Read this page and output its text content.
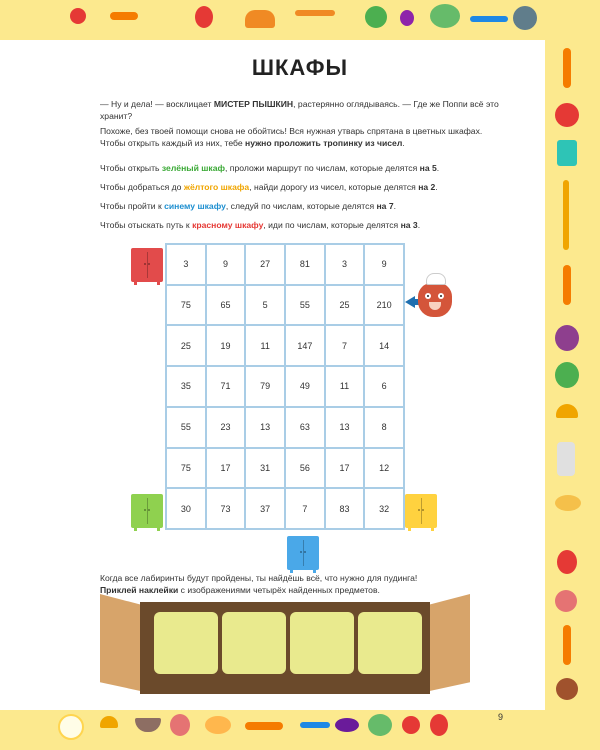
ШКАФЫ

— Ну и дела! — восклицает МИСТЕР ПЫШКИН, растерянно оглядываясь. — Где же Поппи всё это хранит?

Похоже, без твоей помощи снова не обойтись! Вся нужная утварь спрятана в цветных шкафах. Чтобы открыть каждый из них, тебе нужно проложить тропинку из чисел.

Чтобы открыть зелёный шкаф, проложи маршрут по числам, которые делятся на 5.

Чтобы добраться до жёлтого шкафа, найди дорогу из чисел, которые делятся на 2.

Чтобы пройти к синему шкафу, следуй по числам, которые делятся на 7.

Чтобы отыскать путь к красному шкафу, иди по числам, которые делятся на 3.

3	9	27	81	3	9
75	65	5	55	25	210
25	19	11	147	7	14
35	71	79	49	11	6
55	23	13	63	13	8
75	17	31	56	17	12
30	73	37	7	83	32

Когда все лабиринты будут пройдены, ты найдёшь всё, что нужно для пудинга!
Приклей наклейки с изображениями четырёх найденных предметов.

9
